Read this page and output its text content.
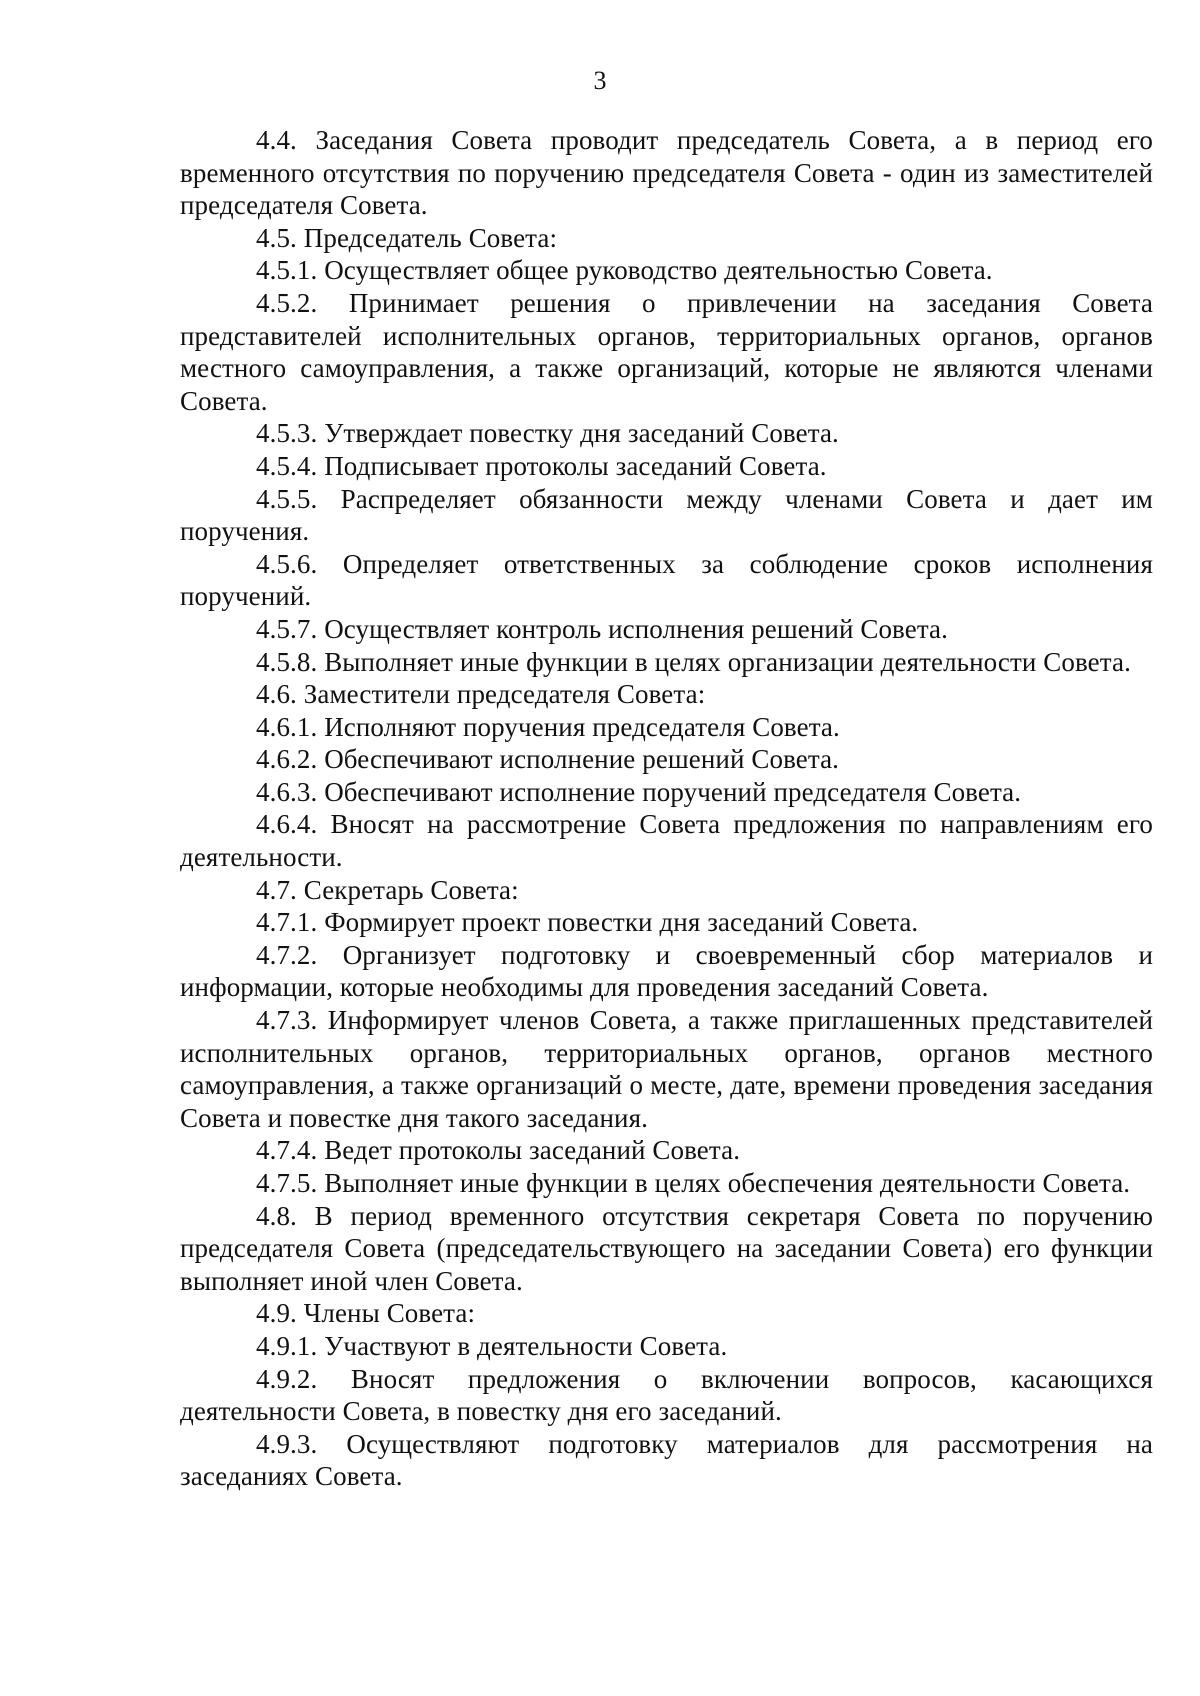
3

4.4. Заседания Совета проводит председатель Совета, а в период его временного отсутствия по поручению председателя Совета - один из заместителей председателя Совета.

4.5. Председатель Совета:

4.5.1. Осуществляет общее руководство деятельностью Совета.

4.5.2. Принимает решения о привлечении на заседания Совета представителей исполнительных органов, территориальных органов, органов местного самоуправления, а также организаций, которые не являются членами Совета.

4.5.3. Утверждает повестку дня заседаний Совета.

4.5.4. Подписывает протоколы заседаний Совета.

4.5.5. Распределяет обязанности между членами Совета и дает им поручения.

4.5.6. Определяет ответственных за соблюдение сроков исполнения поручений.

4.5.7. Осуществляет контроль исполнения решений Совета.

4.5.8. Выполняет иные функции в целях организации деятельности Совета.

4.6. Заместители председателя Совета:

4.6.1. Исполняют поручения председателя Совета.

4.6.2. Обеспечивают исполнение решений Совета.

4.6.3. Обеспечивают исполнение поручений председателя Совета.

4.6.4. Вносят на рассмотрение Совета предложения по направлениям его деятельности.

4.7. Секретарь Совета:

4.7.1. Формирует проект повестки дня заседаний Совета.

4.7.2. Организует подготовку и своевременный сбор материалов и информации, которые необходимы для проведения заседаний Совета.

4.7.3. Информирует членов Совета, а также приглашенных представителей исполнительных органов, территориальных органов, органов местного самоуправления, а также организаций о месте, дате, времени проведения заседания Совета и повестке дня такого заседания.

4.7.4. Ведет протоколы заседаний Совета.

4.7.5. Выполняет иные функции в целях обеспечения деятельности Совета.

4.8. В период временного отсутствия секретаря Совета по поручению председателя Совета (председательствующего на заседании Совета) его функции выполняет иной член Совета.

4.9. Члены Совета:

4.9.1. Участвуют в деятельности Совета.

4.9.2. Вносят предложения о включении вопросов, касающихся деятельности Совета, в повестку дня его заседаний.

4.9.3. Осуществляют подготовку материалов для рассмотрения на заседаниях Совета.
